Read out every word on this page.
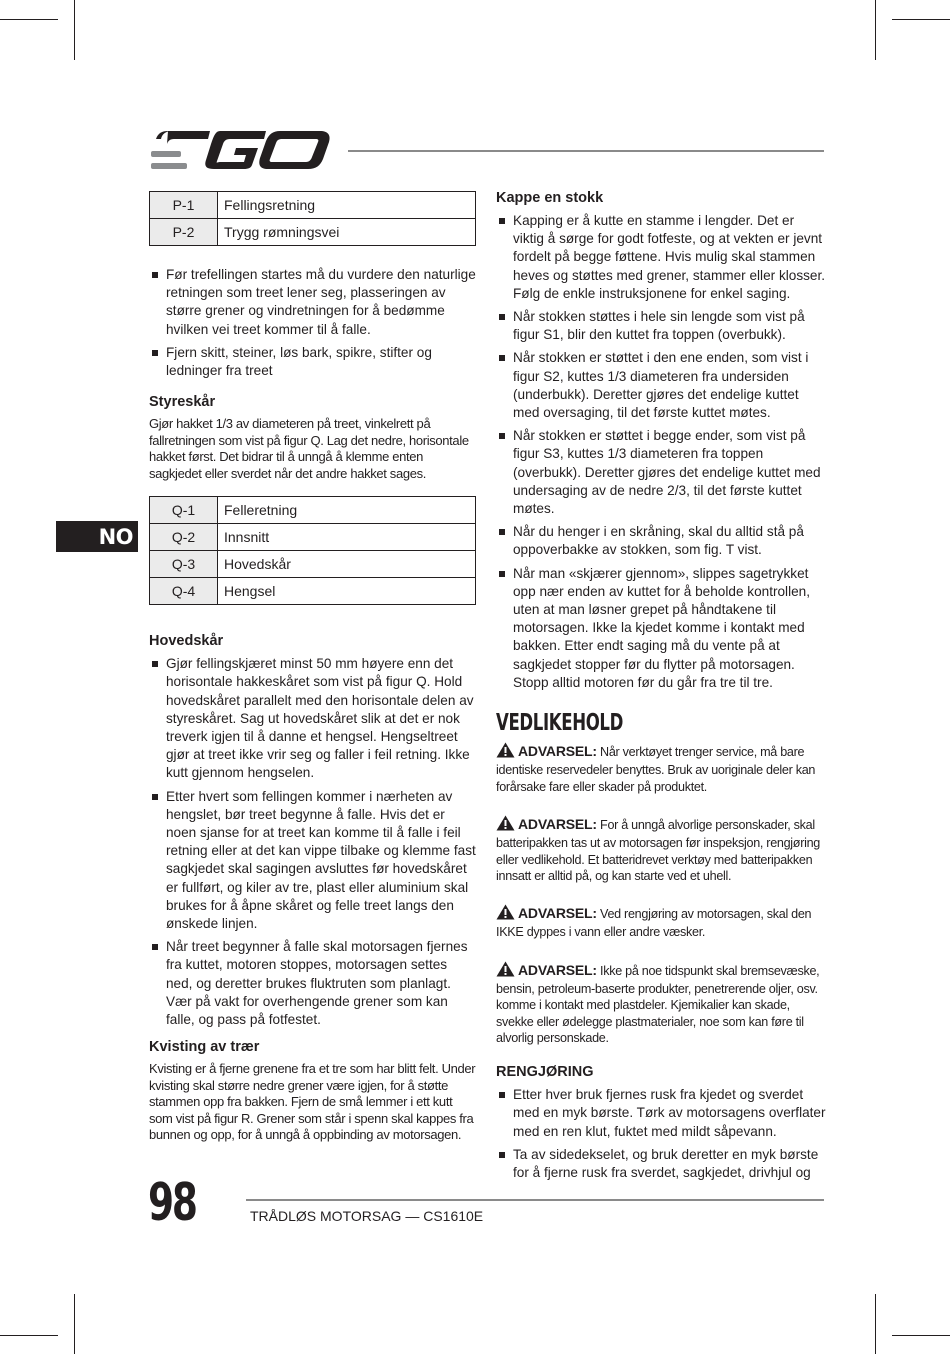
NO
P-1	Fellingsretning
P-2	Trygg rømningsvei
Før trefellingen startes må du vurdere den naturlige retningen som treet lener seg, plasseringen av større grener og vindretningen for å bedømme hvilken vei treet kommer til å falle.
Fjern skitt, steiner, løs bark, spikre, stifter og ledninger fra treet
Styreskår

Gjør hakket 1/3 av diameteren på treet, vinkelrett på fallretningen som vist på figur Q. Lag det nedre, horisontale hakket først. Det bidrar til å unngå å klemme enten sagkjedet eller sverdet når det andre hakket sages.

Q-1	Felleretning
Q-2	Innsnitt
Q-3	Hovedskår
Q-4	Hengsel
Hovedskår
Gjør fellingskjæret minst 50 mm høyere enn det horisontale hakkeskåret som vist på figur Q. Hold hovedskåret parallelt med den horisontale delen av styreskåret. Sag ut hovedskåret slik at det er nok treverk igjen til å danne et hengsel. Hengseltreet gjør at treet ikke vrir seg og faller i feil retning. Ikke kutt gjennom hengselen.
Etter hvert som fellingen kommer i nærheten av hengslet, bør treet begynne å falle. Hvis det er noen sjanse for at treet kan komme til å falle i feil retning eller at det kan vippe tilbake og klemme fast sagkjedet skal sagingen avsluttes før hovedskåret er fullført, og kiler av tre, plast eller aluminium skal brukes for å åpne skåret og felle treet langs den ønskede linjen.
Når treet begynner å falle skal motorsagen fjernes fra kuttet, motoren stoppes, motorsagen settes ned, og deretter brukes fluktruten som planlagt. Vær på vakt for overhengende grener som kan falle, og pass på fotfestet.
Kvisting av trær

Kvisting er å fjerne grenene fra et tre som har blitt felt. Under kvisting skal større nedre grener være igjen, for å støtte stammen opp fra bakken. Fjern de små lemmer i ett kutt som vist på figur R. Grener som står i spenn skal kappes fra bunnen og opp, for å unngå å oppbinding av motorsagen.

Kappe en stokk
Kapping er å kutte en stamme i lengder. Det er viktig å sørge for godt fotfeste, og at vekten er jevnt fordelt på begge føttene. Hvis mulig skal stammen heves og støttes med grener, stammer eller klosser. Følg de enkle instruksjonene for enkel saging.
Når stokken støttes i hele sin lengde som vist på figur S1, blir den kuttet fra toppen (overbukk).
Når stokken er støttet i den ene enden, som vist i figur S2, kuttes 1/3 diameteren fra undersiden (underbukk). Deretter gjøres det endelige kuttet med oversaging, til det første kuttet møtes.
Når stokken er støttet i begge ender, som vist på figur S3, kuttes 1/3 diameteren fra toppen (overbukk). Deretter gjøres det endelige kuttet med undersaging av de nedre 2/3, til det første kuttet møtes.
Når du henger i en skråning, skal du alltid stå på oppoverbakke av stokken, som fig. T vist.
Når man «skjærer gjennom», slippes sagetrykket opp nær enden av kuttet for å beholde kontrollen, uten at man løsner grepet på håndtakene til motorsagen. Ikke la kjedet komme i kontakt med bakken. Etter endt saging må du vente på at sagkjedet stopper før du flytter på motorsagen. Stopp alltid motoren før du går fra tre til tre.
VEDLIKEHOLD

ADVARSEL: Når verktøyet trenger service, må bare identiske reservedeler benyttes. Bruk av uoriginale deler kan forårsake fare eller skader på produktet.

ADVARSEL: For å unngå alvorlige personskader, skal batteripakken tas ut av motorsagen før inspeksjon, rengjøring eller vedlikehold. Et batteridrevet verktøy med batteripakken innsatt er alltid på, og kan starte ved et uhell.

ADVARSEL: Ved rengjøring av motorsagen, skal den IKKE dyppes i vann eller andre væsker.

ADVARSEL: Ikke på noe tidspunkt skal bremsevæske, bensin, petroleum-baserte produkter, penetrerende oljer, osv. komme i kontakt med plastdeler. Kjemikalier kan skade, svekke eller ødelegge plastmaterialer, noe som kan føre til alvorlig personskade.

RENGJØRING
Etter hver bruk fjernes rusk fra kjedet og sverdet med en myk børste. Tørk av motorsagens overflater med en ren klut, fuktet med mildt såpevann.
Ta av sidedekselet, og bruk deretter en myk børste for å fjerne rusk fra sverdet, sagkjedet, drivhjul og
98	TRÅDLØS MOTORSAG — CS1610E
